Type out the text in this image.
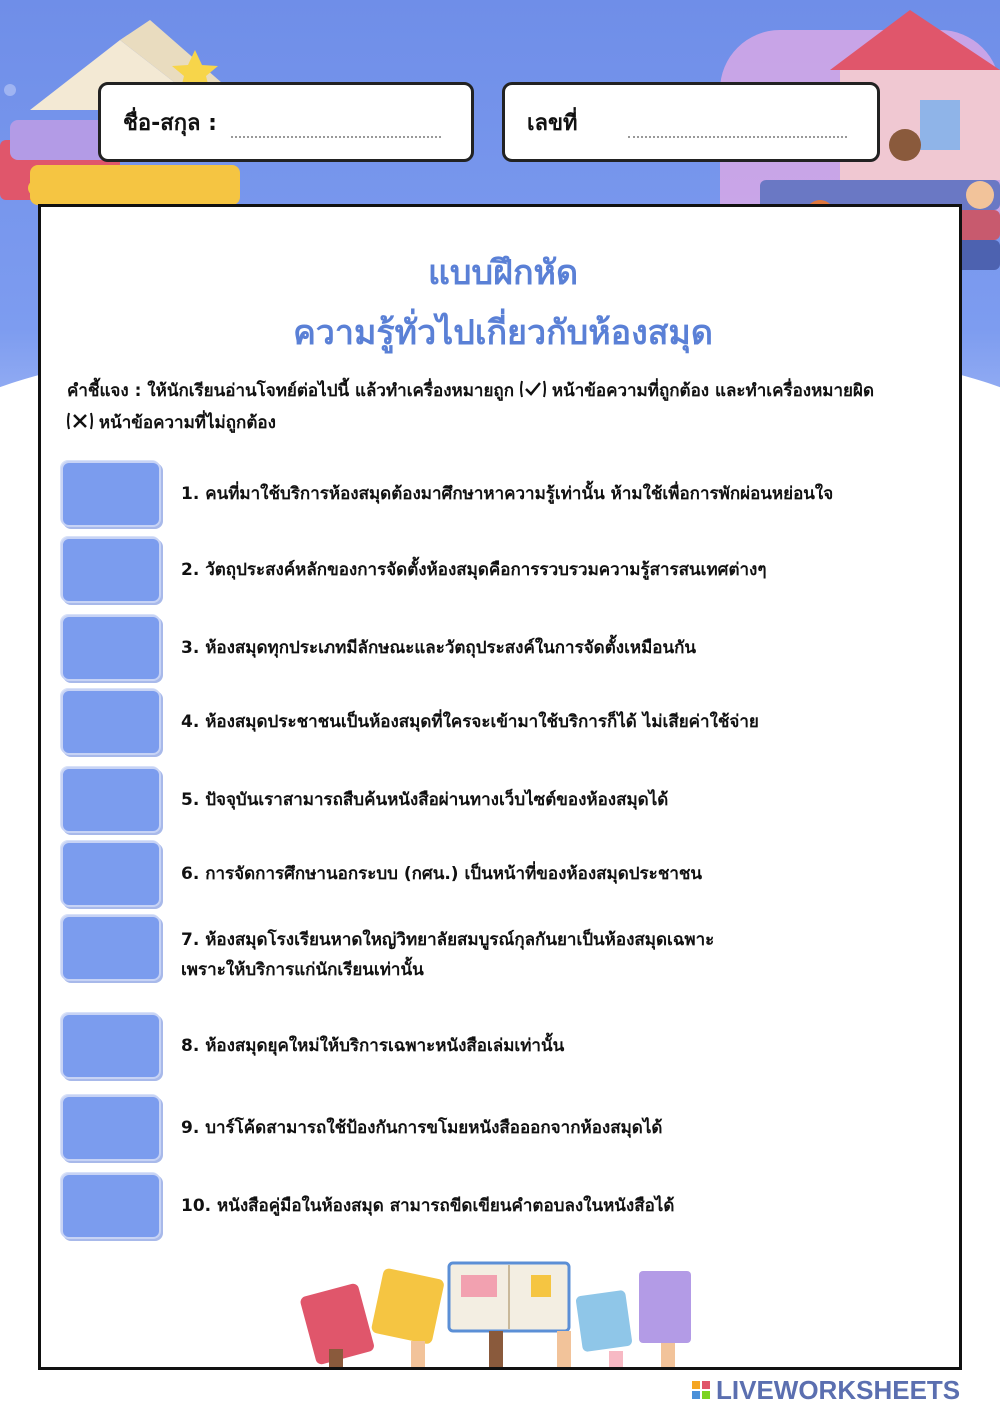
ชื่อ-สกุล :	เลขที่
แบบฝึกหัด
ความรู้ทั่วไปเกี่ยวกับห้องสมุด
คำชี้แจง : ให้นักเรียนอ่านโจทย์ต่อไปนี้ แล้วทำเครื่องหมายถูก หน้าข้อความที่ถูกต้อง และทำเครื่องหมายผิด
หน้าข้อความที่ไม่ถูกต้อง
1. คนที่มาใช้บริการห้องสมุดต้องมาศึกษาหาความรู้เท่านั้น ห้ามใช้เพื่อการพักผ่อนหย่อนใจ
2. วัตถุประสงค์หลักของการจัดตั้งห้องสมุดคือการรวบรวมความรู้สารสนเทศต่างๆ
3. ห้องสมุดทุกประเภทมีลักษณะและวัตถุประสงค์ในการจัดตั้งเหมือนกัน
4. ห้องสมุดประชาชนเป็นห้องสมุดที่ใครจะเข้ามาใช้บริการก็ได้ ไม่เสียค่าใช้จ่าย
5. ปัจจุบันเราสามารถสืบค้นหนังสือผ่านทางเว็บไซต์ของห้องสมุดได้
6. การจัดการศึกษานอกระบบ (กศน.) เป็นหน้าที่ของห้องสมุดประชาชน
7. ห้องสมุดโรงเรียนหาดใหญ่วิทยาลัยสมบูรณ์กุลกันยาเป็นห้องสมุดเฉพาะ
เพราะให้บริการแก่นักเรียนเท่านั้น
8. ห้องสมุดยุคใหม่ให้บริการเฉพาะหนังสือเล่มเท่านั้น
9. บาร์โค้ดสามารถใช้ป้องกันการขโมยหนังสือออกจากห้องสมุดได้
10. หนังสือคู่มือในห้องสมุด สามารถขีดเขียนคำตอบลงในหนังสือได้
LIVEWORKSHEETS
